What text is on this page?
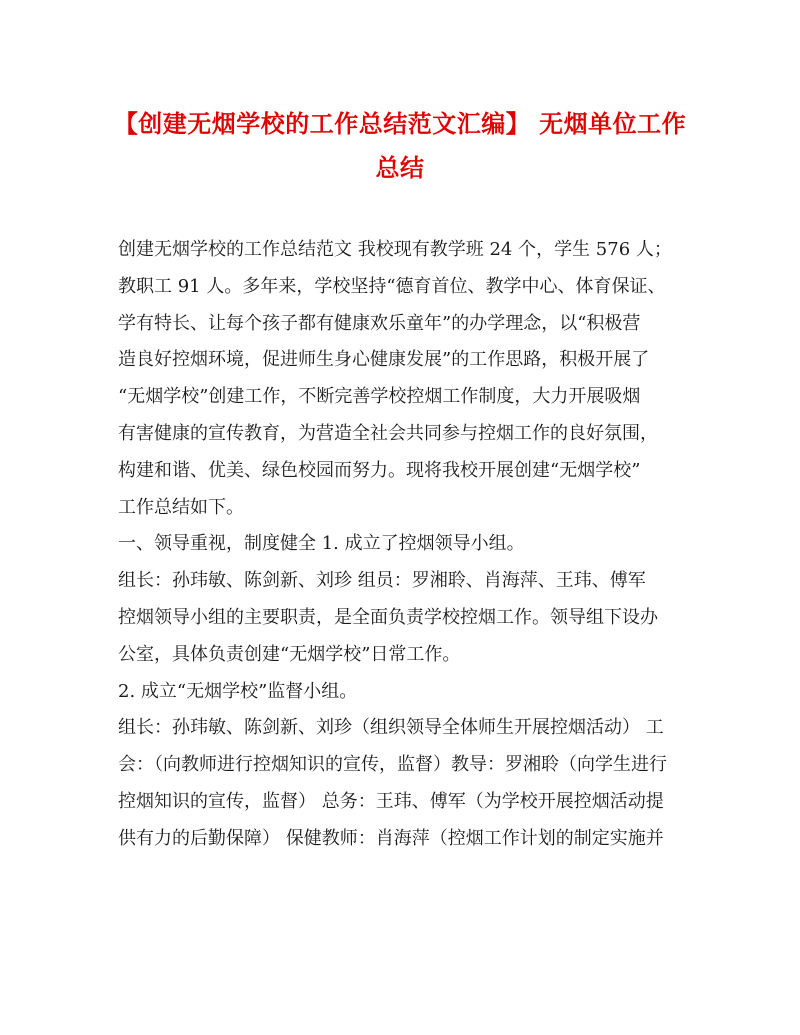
【创建无烟学校的工作总结范文汇编】 无烟单位工作
总结
创建无烟学校的工作总结范文 我校现有教学班 24 个，学生 576 人；
教职工 91 人。多年来，学校坚持“德育首位、教学中心、体育保证、
学有特长、让每个孩子都有健康欢乐童年”的办学理念，以“积极营
造良好控烟环境，促进师生身心健康发展”的工作思路，积极开展了
“无烟学校”创建工作，不断完善学校控烟工作制度，大力开展吸烟
有害健康的宣传教育，为营造全社会共同参与控烟工作的良好氛围，
构建和谐、优美、绿色校园而努力。现将我校开展创建“无烟学校”
工作总结如下。
一、领导重视，制度健全 1. 成立了控烟领导小组。
组长：孙玮敏、陈剑新、刘珍 组员：罗湘聆、肖海萍、王玮、傅军
控烟领导小组的主要职责，是全面负责学校控烟工作。领导组下设办
公室，具体负责创建“无烟学校”日常工作。
2. 成立“无烟学校”监督小组。
组长：孙玮敏、陈剑新、刘珍（组织领导全体师生开展控烟活动） 工
会：（向教师进行控烟知识的宣传，监督）教导：罗湘聆（向学生进行
控烟知识的宣传，监督） 总务：王玮、傅军（为学校开展控烟活动提
供有力的后勤保障） 保健教师：肖海萍（控烟工作计划的制定实施并
